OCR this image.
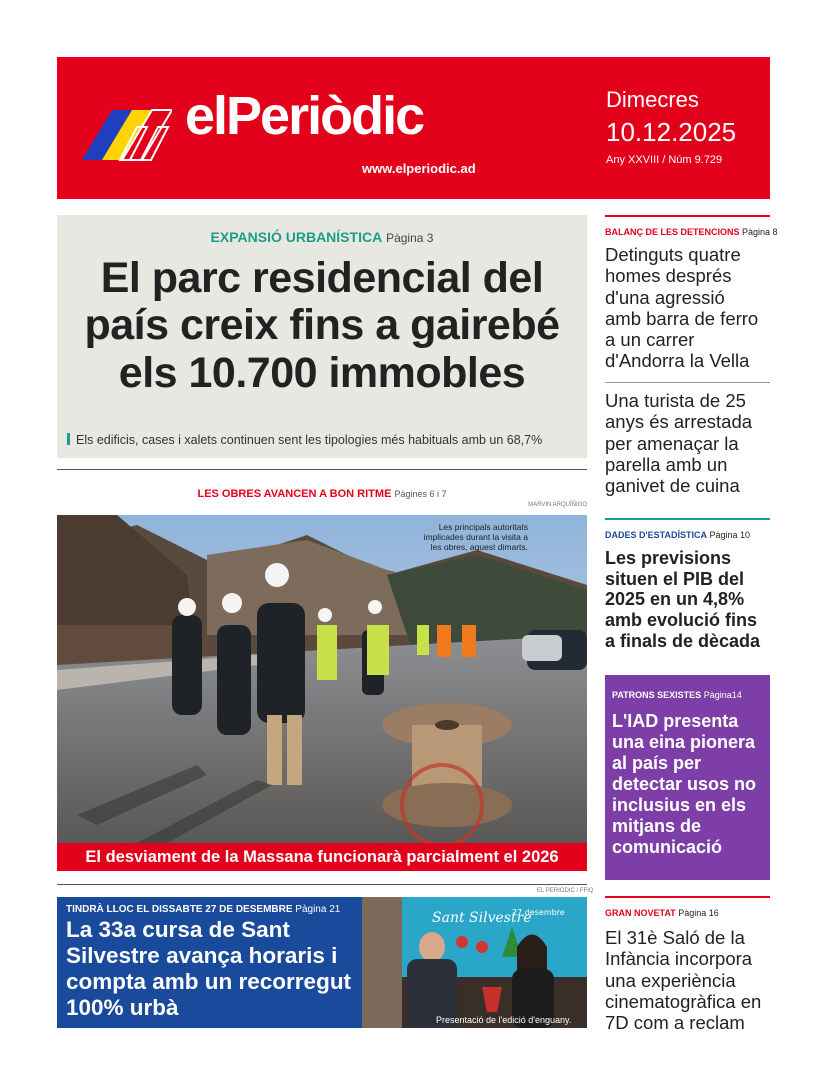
elPeriòdic
www.elperiodic.ad
Dimecres
10.12.2025
Any XXVIII / Núm 9.729
EXPANSIÓ URBANÍSTICA Pàgina 3
El parc residencial del país creix fins a gairebé els 10.700 immobles
Els edificis, cases i xalets continuen sent les tipologies més habituals amb un 68,7%
LES OBRES AVANCEN A BON RITME Pàgines 6 i 7
MARVIN ARQUÍÑIGO
Les principals autoritats implicades durant la visita a les obres, aquest dimarts.
El desviament de la Massana funcionarà parcialment el 2026
EL PERIÒDIC / FFIQ
TINDRÀ LLOC EL DISSABTE 27 DE DESEMBRE Pàgina 21
La 33a cursa de Sant Silvestre avança horaris i compta amb un recorregut 100% urbà
Sant Silvestre
27 desembre
Presentació de l'edició d'enguany.
BALANÇ DE LES DETENCIONS Pàgina 8
Detinguts quatre homes després d'una agressió amb barra de ferro a un carrer d'Andorra la Vella
Una turista de 25 anys és arrestada per amenaçar la parella amb un ganivet de cuina
DADES D'ESTADÍSTICA Pàgina 10
Les previsions situen el PIB del 2025 en un 4,8% amb evolució fins a finals de dècada
PATRONS SEXISTES Pàgina14
L'IAD presenta una eina pionera al país per detectar usos no inclusius en els mitjans de comunicació
GRAN NOVETAT Pàgina 16
El 31è Saló de la Infància incorpora una experiència cinematogràfica en 7D com a reclam
